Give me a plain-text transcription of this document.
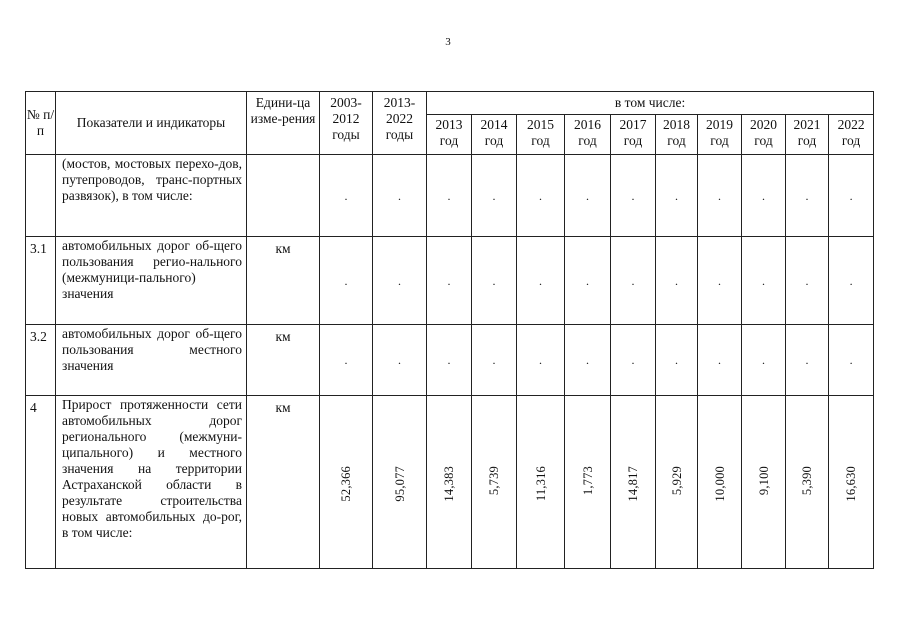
3
№ п/п	Показатели и индикаторы	Едини-ца изме-рения	2003-2012 годы	2013-2022 годы	в том числе:									
					2013 год	2014 год	2015 год	2016 год	2017 год	2018 год	2019 год	2020 год	2021 год	2022 год
	(мостов, мостовых перехо-дов, путепроводов, транс-портных развязок), в том числе:		.	.	.	.	.	.	.	.	.	.	.	.
3.1	автомобильных дорог об-щего пользования регио-нального (межмуници-пального) значения	км	.	.	.	.	.	.	.	.	.	.	.	.
3.2	автомобильных дорог об-щего пользования местного значения	км	.	.	.	.	.	.	.	.	.	.	.	.
4	Прирост протяженности сети автомобильных дорог регионального (межмуни-ципального) и местного значения на территории Астраханской области в результате строительства новых автомобильных до-рог, в том числе:	км	52,366	95,077	14,383	5,739	11,316	1,773	14,817	5,929	10,000	9,100	5,390	16,630
